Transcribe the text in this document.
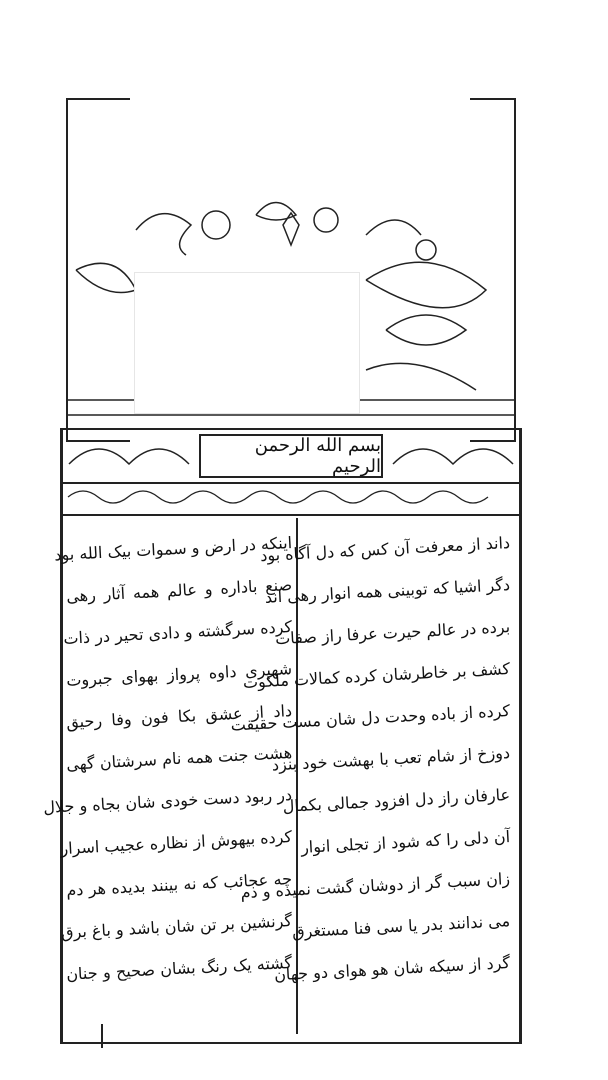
بسم الله الرحمن الرحیم
داند از معرفت آن کس که دل آگاه بود
دگر اشیا که توبینی همه انوار رهی اند
برده در عالم حیرت عرفا راز صفات
کشف بر خاطرشان کرده کمالات ملکوت
کرده از باده وحدت دل شان مست حقیقت
دوزخ از شام تعب با بهشت خود بنزد
عارفان راز دل افزود جمالی بکمال
آن دلی را که شود از تجلی انوار
زان سبب گر از دوشان گشت نمیده و دم
می ندانند بدر یا سی فنا مستغرق
گرد از سیکه شان هو هوای دو جهان
اینکه در ارض و سموات بیک الله بود
صنع باداره و عالم همه آثار رهی
کرده سرگشته و دادی تحیر در ذات
شهپری داوه پرواز بهوای جبروت
داد از عشق بکا فون وفا رحیق
هشت جنت همه نام سرشتان گهی
در ربود دست خودی شان بجاه و جلال
کرده بیهوش از نظاره عجیب اسرار
چه عجائب که نه بینند بدیده هر دم
گرنشین بر تن شان باشد و باغ برق
گشته یک رنگ بشان صحیح و جنان
